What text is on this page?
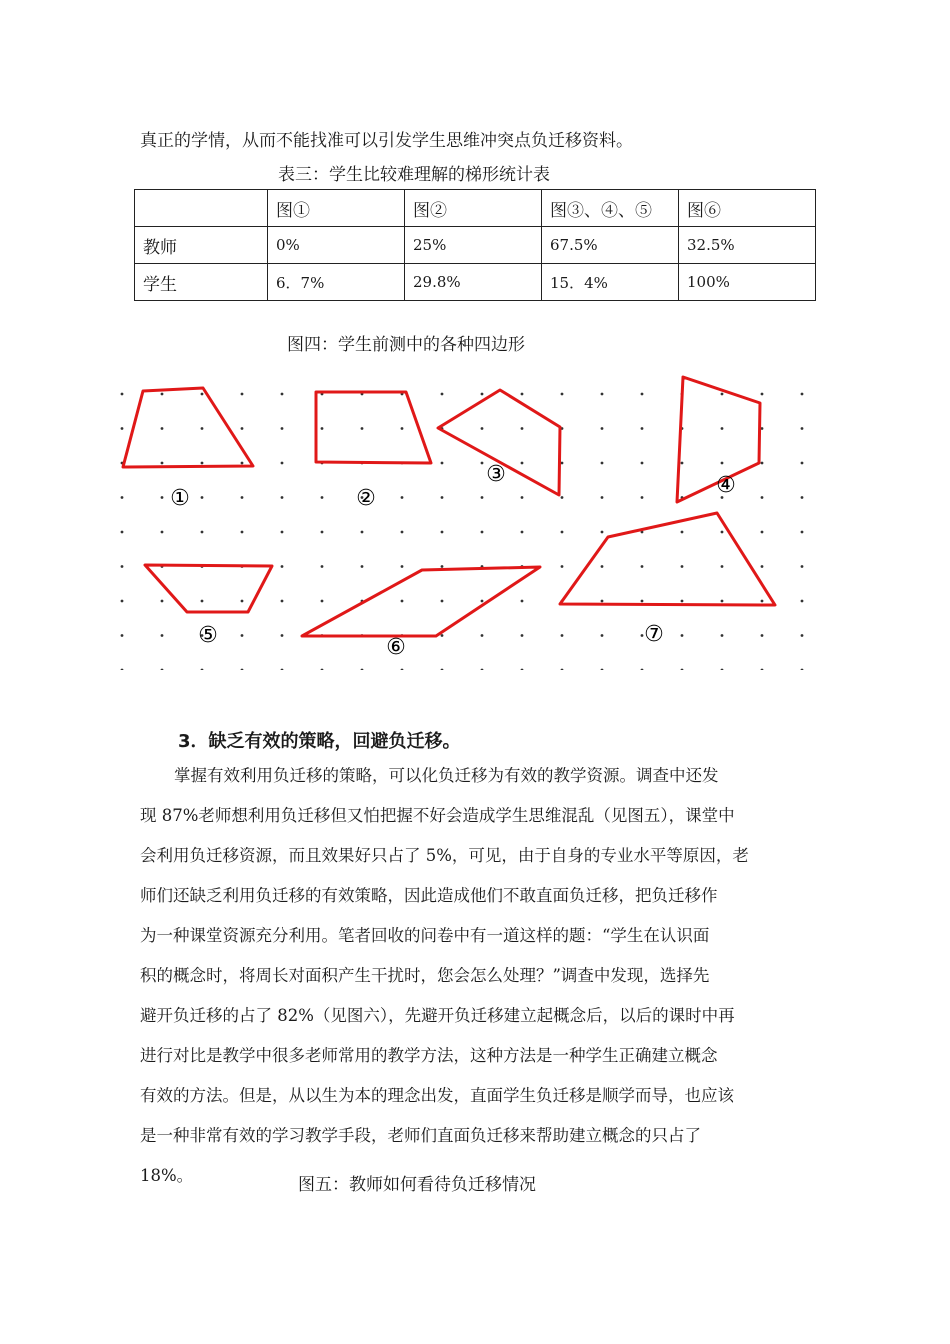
真正的学情，从而不能找准可以引发学生思维冲突点负迁移资料。
表三：学生比较难理解的梯形统计表
	图①	图②	图③、④、⑤	图⑥
教师	0%	25%	67.5%	32.5%
学生	6．7%	29.8%	15．4%	100%
图四：学生前测中的各种四边形
①	②
③	④
⑤	⑥
⑦
3．缺乏有效的策略，回避负迁移。
掌握有效利用负迁移的策略，可以化负迁移为有效的教学资源。调查中还发
现 87%老师想利用负迁移但又怕把握不好会造成学生思维混乱（见图五），课堂中
会利用负迁移资源，而且效果好只占了 5%，可见，由于自身的专业水平等原因，老
师们还缺乏利用负迁移的有效策略，因此造成他们不敢直面负迁移，把负迁移作
为一种课堂资源充分利用。笔者回收的问卷中有一道这样的题：“学生在认识面
积的概念时，将周长对面积产生干扰时，您会怎么处理？”调查中发现，选择先
避开负迁移的占了 82%（见图六），先避开负迁移建立起概念后，以后的课时中再
进行对比是教学中很多老师常用的教学方法，这种方法是一种学生正确建立概念
有效的方法。但是，从以生为本的理念出发，直面学生负迁移是顺学而导，也应该
是一种非常有效的学习教学手段，老师们直面负迁移来帮助建立概念的只占了
18%。	图五：教师如何看待负迁移情况
